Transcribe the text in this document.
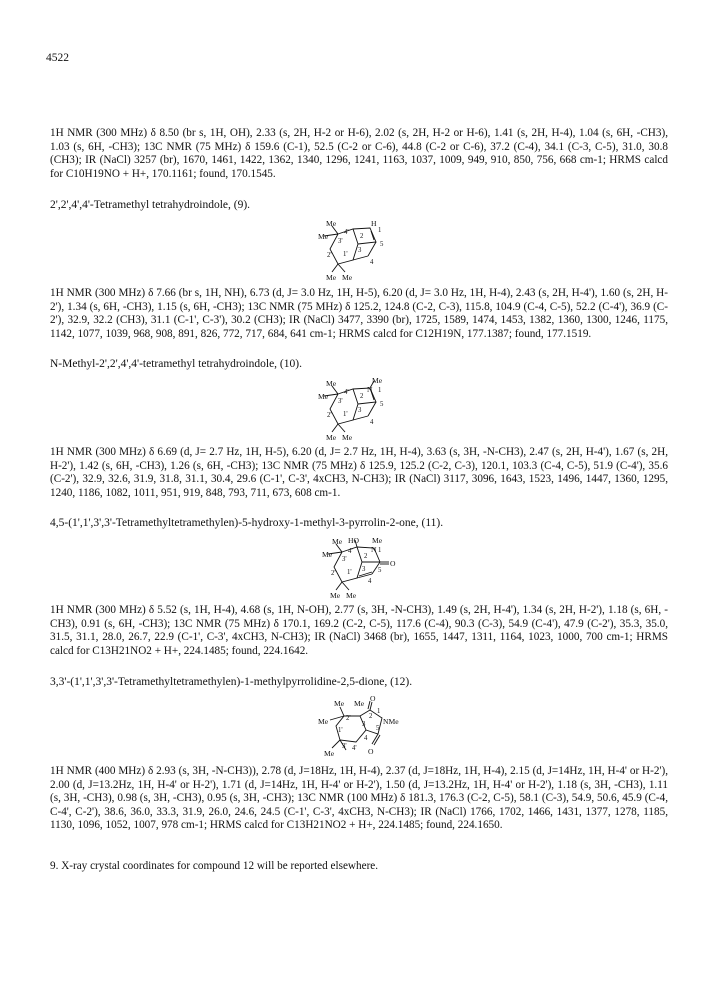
4522

1H NMR (300 MHz) δ 8.50 (br s, 1H, OH), 2.33 (s, 2H, H-2 or H-6), 2.02 (s, 2H, H-2 or H-6), 1.41 (s, 2H, H-4), 1.04 (s, 6H, -CH3), 1.03 (s, 6H, -CH3); 13C NMR (75 MHz) δ 159.6 (C-1), 52.5 (C-2 or C-6), 44.8 (C-2 or C-6), 37.2 (C-4), 34.1 (C-3, C-5), 31.0, 30.8 (CH3); IR (NaCl) 3257 (br), 1670, 1461, 1422, 1362, 1340, 1296, 1241, 1163, 1037, 1009, 949, 910, 850, 756, 668 cm-1; HRMS calcd for C10H19NO + H+, 170.1161; found, 170.1545.

2',2',4',4'-Tetramethyl tetrahydroindole, (9).

Me
Me
Me Me
4'
3'
2' 1'
2
3
H
1
5
4

1H NMR (300 MHz) δ 7.66 (br s, 1H, NH), 6.73 (d, J= 3.0 Hz, 1H, H-5), 6.20 (d, J= 3.0 Hz, 1H, H-4), 2.43 (s, 2H, H-4'), 1.60 (s, 2H, H-2'), 1.34 (s, 6H, -CH3), 1.15 (s, 6H, -CH3); 13C NMR (75 MHz) δ 125.2, 124.8 (C-2, C-3), 115.8, 104.9 (C-4, C-5), 52.2 (C-4'), 36.9 (C-2'), 32.9, 32.2 (CH3), 31.1 (C-1', C-3'), 30.2 (CH3); IR (NaCl) 3477, 3390 (br), 1725, 1589, 1474, 1453, 1382, 1360, 1300, 1246, 1175, 1142, 1077, 1039, 968, 908, 891, 826, 772, 717, 684, 641 cm-1; HRMS calcd for C12H19N, 177.1387; found, 177.1519.

N-Methyl-2',2',4',4'-tetramethyl tetrahydroindole, (10).

Me
Me
Me Me
Me
4'
3'
2' 1'
2
3
N 1
5
4

1H NMR (300 MHz) δ 6.69 (d, J= 2.7 Hz, 1H, H-5), 6.20 (d, J= 2.7 Hz, 1H, H-4), 3.63 (s, 3H, -N-CH3), 2.47 (s, 2H, H-4'), 1.67 (s, 2H, H-2'), 1.42 (s, 6H, -CH3), 1.26 (s, 6H, -CH3); 13C NMR (75 MHz) δ 125.9, 125.2 (C-2, C-3), 120.1, 103.3 (C-4, C-5), 51.9 (C-4'), 35.6 (C-2'), 32.9, 32.6, 31.9, 31.8, 31.1, 30.4, 29.6 (C-1', C-3', 4xCH3, N-CH3); IR (NaCl) 3117, 3096, 1643, 1523, 1496, 1447, 1360, 1295, 1240, 1186, 1082, 1011, 951, 919, 848, 793, 711, 673, 608 cm-1.

4,5-(1',1',3',3'-Tetramethyltetramethylen)-5-hydroxy-1-methyl-3-pyrrolin-2-one, (11).

Me HO Me
Me
Me Me
4'
3'
2' 1'
1
2
3
4
5
N
O

1H NMR (300 MHz) δ 5.52 (s, 1H, H-4), 4.68 (s, 1H, N-OH), 2.77 (s, 3H, -N-CH3), 1.49 (s, 2H, H-4'), 1.34 (s, 2H, H-2'), 1.18 (s, 6H, -CH3), 0.91 (s, 6H, -CH3); 13C NMR (75 MHz) δ 170.1, 169.2 (C-2, C-5), 117.6 (C-4), 90.3 (C-3), 54.9 (C-4'), 47.9 (C-2'), 35.3, 35.0, 31.5, 31.1, 28.0, 26.7, 22.9 (C-1', C-3', 4xCH3, N-CH3); IR (NaCl) 3468 (br), 1655, 1447, 1311, 1164, 1023, 1000, 700 cm-1; HRMS calcd for C13H21NO2 + H+, 224.1485; found, 224.1642.

3,3'-(1',1',3',3'-Tetramethyltetramethylen)-1-methylpyrrolidine-2,5-dione, (12).

Me Me
O
Me
Me
2'
1'
3' 4'
1
2
3
4
5
NMe
O

1H NMR (400 MHz) δ 2.93 (s, 3H, -N-CH3)), 2.78 (d, J=18Hz, 1H, H-4), 2.37 (d, J=18Hz, 1H, H-4), 2.15 (d, J=14Hz, 1H, H-4' or H-2'), 2.00 (d, J=13.2Hz, 1H, H-4' or H-2'), 1.71 (d, J=14Hz, 1H, H-4' or H-2'), 1.50 (d, J=13.2Hz, 1H, H-4' or H-2'), 1.18 (s, 3H, -CH3), 1.11 (s, 3H, -CH3), 0.98 (s, 3H, -CH3), 0.95 (s, 3H, -CH3); 13C NMR (100 MHz) δ 181.3, 176.3 (C-2, C-5), 58.1 (C-3), 54.9, 50.6, 45.9 (C-4, C-4', C-2'), 38.6, 36.0, 33.3, 31.9, 26.0, 24.6, 24.5 (C-1', C-3', 4xCH3, N-CH3); IR (NaCl) 1766, 1702, 1466, 1431, 1377, 1278, 1185, 1130, 1096, 1052, 1007, 978 cm-1; HRMS calcd for C13H21NO2 + H+, 224.1485; found, 224.1650.

9. X-ray crystal coordinates for compound 12 will be reported elsewhere.
